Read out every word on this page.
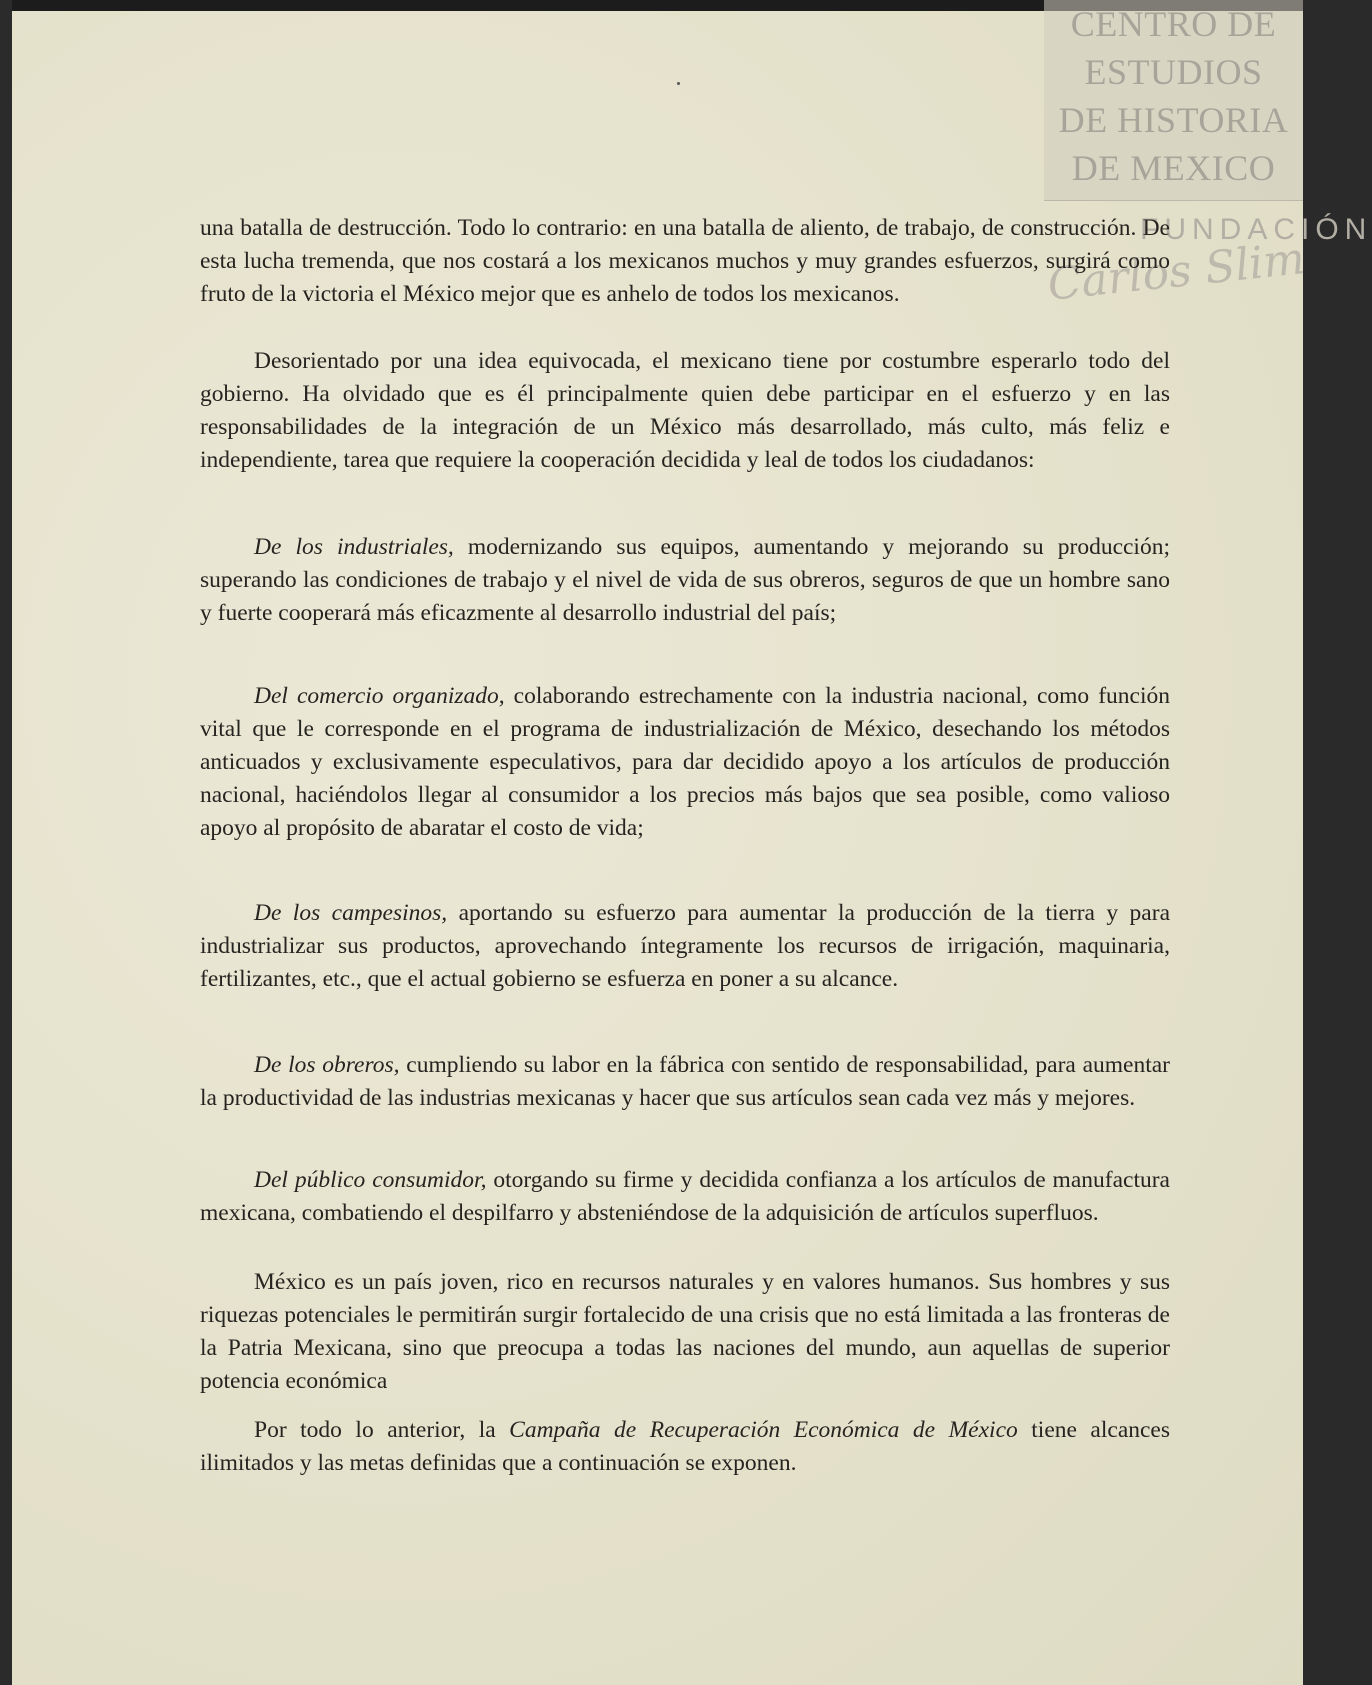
CENTRO DE
ESTUDIOS
DE HISTORIA
DE MEXICO
FUNDACIÓN
Carlos Slim

una batalla de destrucción. Todo lo contrario: en una batalla de aliento, de trabajo, de construcción. De esta lucha tremenda, que nos costará a los mexicanos muchos y muy grandes esfuerzos, surgirá como fruto de la victoria el México mejor que es anhelo de todos los mexicanos.

Desorientado por una idea equivocada, el mexicano tiene por costumbre esperarlo todo del gobierno. Ha olvidado que es él principalmente quien debe participar en el esfuerzo y en las responsabilidades de la integración de un México más desarrollado, más culto, más feliz e independiente, tarea que requiere la cooperación decidida y leal de todos los ciudadanos:

De los industriales, modernizando sus equipos, aumentando y mejorando su producción; superando las condiciones de trabajo y el nivel de vida de sus obreros, seguros de que un hombre sano y fuerte cooperará más eficazmente al desarrollo industrial del país;

Del comercio organizado, colaborando estrechamente con la industria nacional, como función vital que le corresponde en el programa de industrialización de México, desechando los métodos anticuados y exclusivamente especulativos, para dar decidido apoyo a los artículos de producción nacional, haciéndolos llegar al consumidor a los precios más bajos que sea posible, como valioso apoyo al propósito de abaratar el costo de vida;

De los campesinos, aportando su esfuerzo para aumentar la producción de la tierra y para industrializar sus productos, aprovechando íntegramente los recursos de irrigación, maquinaria, fertilizantes, etc., que el actual gobierno se esfuerza en poner a su alcance.

De los obreros, cumpliendo su labor en la fábrica con sentido de responsabilidad, para aumentar la productividad de las industrias mexicanas y hacer que sus artículos sean cada vez más y mejores.

Del público consumidor, otorgando su firme y decidida confianza a los artículos de manufactura mexicana, combatiendo el despilfarro y absteniéndose de la adquisición de artículos superfluos.

México es un país joven, rico en recursos naturales y en valores humanos. Sus hombres y sus riquezas potenciales le permitirán surgir fortalecido de una crisis que no está limitada a las fronteras de la Patria Mexicana, sino que preocupa a todas las naciones del mundo, aun aquellas de superior potencia económica

Por todo lo anterior, la Campaña de Recuperación Económica de México tiene alcances ilimitados y las metas definidas que a continuación se exponen.
